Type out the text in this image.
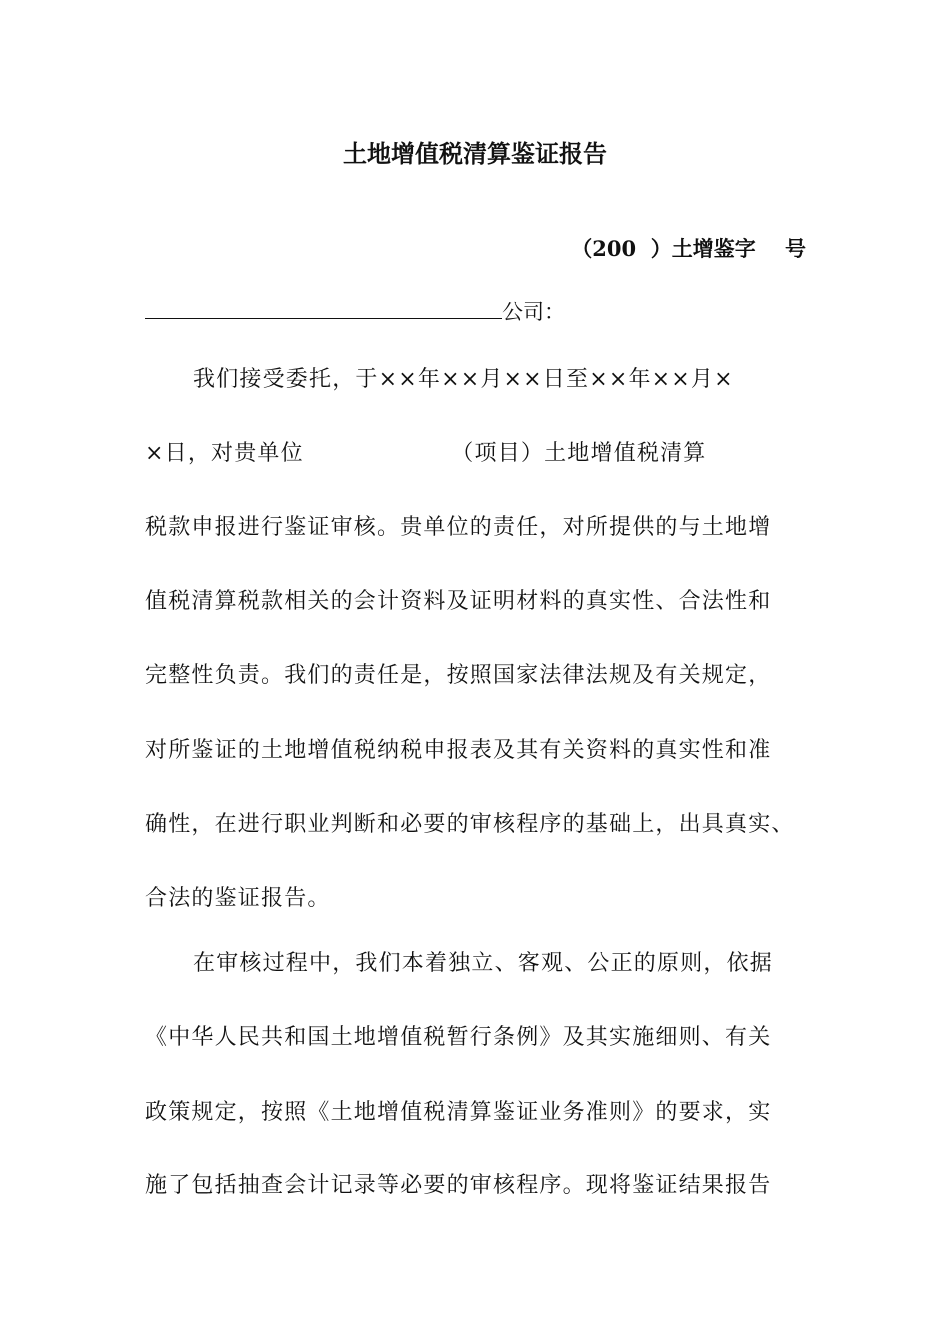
土地增值税清算鉴证报告
（200  ）土增鉴字    号
公司：
我们接受委托，于××年××月××日至××年××月×
×日，对贵单位                  （项目）土地增值税清算
税款申报进行鉴证审核。贵单位的责任，对所提供的与土地增
值税清算税款相关的会计资料及证明材料的真实性、合法性和
完整性负责。我们的责任是，按照国家法律法规及有关规定，
对所鉴证的土地增值税纳税申报表及其有关资料的真实性和准
确性，在进行职业判断和必要的审核程序的基础上，出具真实、
合法的鉴证报告。
在审核过程中，我们本着独立、客观、公正的原则，依据
《中华人民共和国土地增值税暂行条例》及其实施细则、有关
政策规定，按照《土地增值税清算鉴证业务准则》的要求，实
施了包括抽查会计记录等必要的审核程序。现将鉴证结果报告
